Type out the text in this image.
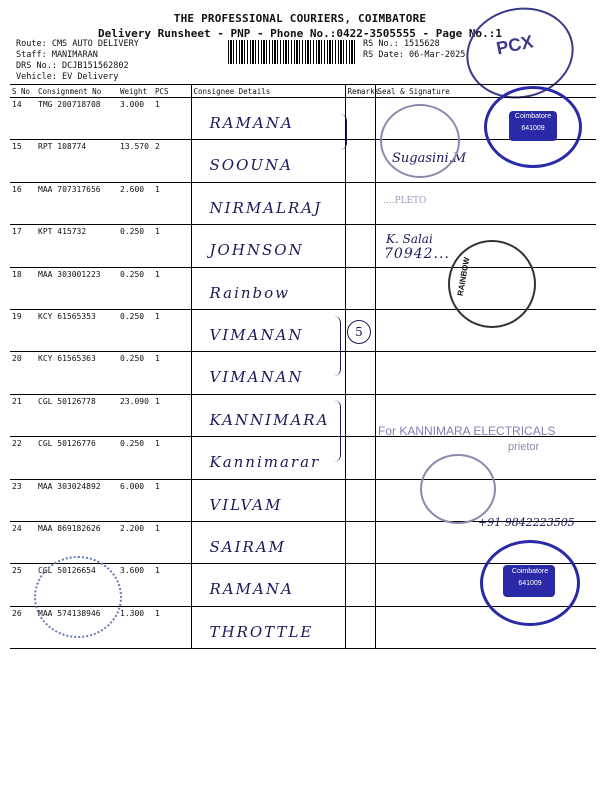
THE PROFESSIONAL COURIERS, COIMBATORE
Delivery Runsheet - PNP - Phone No.:0422-3505555 - Page No.:1
Route: CMS AUTO DELIVERY
Staff: MANIMARAN
DRS No.: DCJB151562802
Vehicle: EV Delivery
RS No.: 1515628
RS Date: 06-Mar-2025 PCX
S No	Consignment No	Weight	PCS	Consignee Details	Remarks	Seal & Signature
14	TMG 200718708	3.000	1	RAMANA		

15	RPT 108774	13.570	2	SOOUNA		

16	MAA 707317656	2.600	1	NIRMALRAJ		

17	KPT 415732	0.250	1	JOHNSON		

18	MAA 303001223	0.250	1	Rainbow		

19	KCY 61565353	0.250	1	VIMANAN		

20	KCY 61565363	0.250	1	VIMANAN		

21	CGL 50126778	23.090	1	KANNIMARA		

22	CGL 50126776	0.250	1	Kannimarar		

23	MAA 303024892	6.000	1	VILVAM		

24	MAA 869182626	2.200	1	SAIRAM		

25	CGL 50126654	3.600	1	RAMANA		

26	MAA 574138946	1.300	1	THROTTLE		

For KANNIMARA ELECTRICALS
prietor
....PLETO
Sugasini.M
K. Salai
70942...
+91 9842223505
Coimbatore
641009
Coimbatore
641009
RAINBOW
5
